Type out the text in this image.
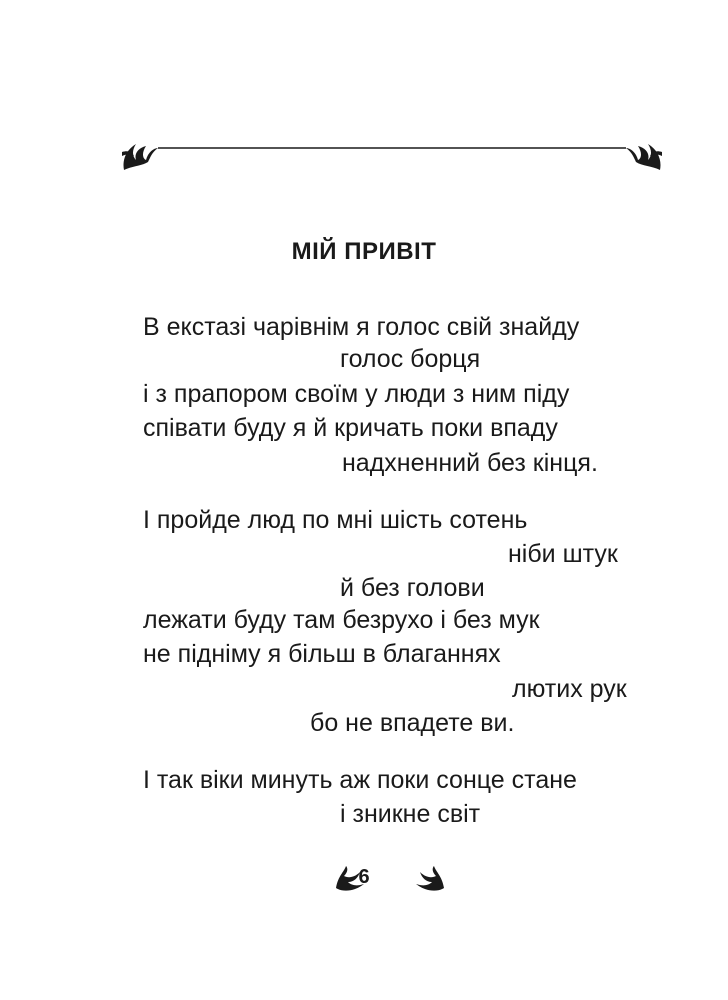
МІЙ ПРИВІТ
В екстазі чарівнім я голос свій знайду
голос борця
і з прапором своїм у люди з ним піду
співати буду я й кричать поки впаду
надхненний без кінця.
І пройде люд по мні шість сотень
ніби штук
й без голови
лежати буду там безрухо і без мук
не підніму я більш в благаннях
лютих рук
бо не впадете ви.
І так віки минуть аж поки сонце стане
і зникне світ
6
